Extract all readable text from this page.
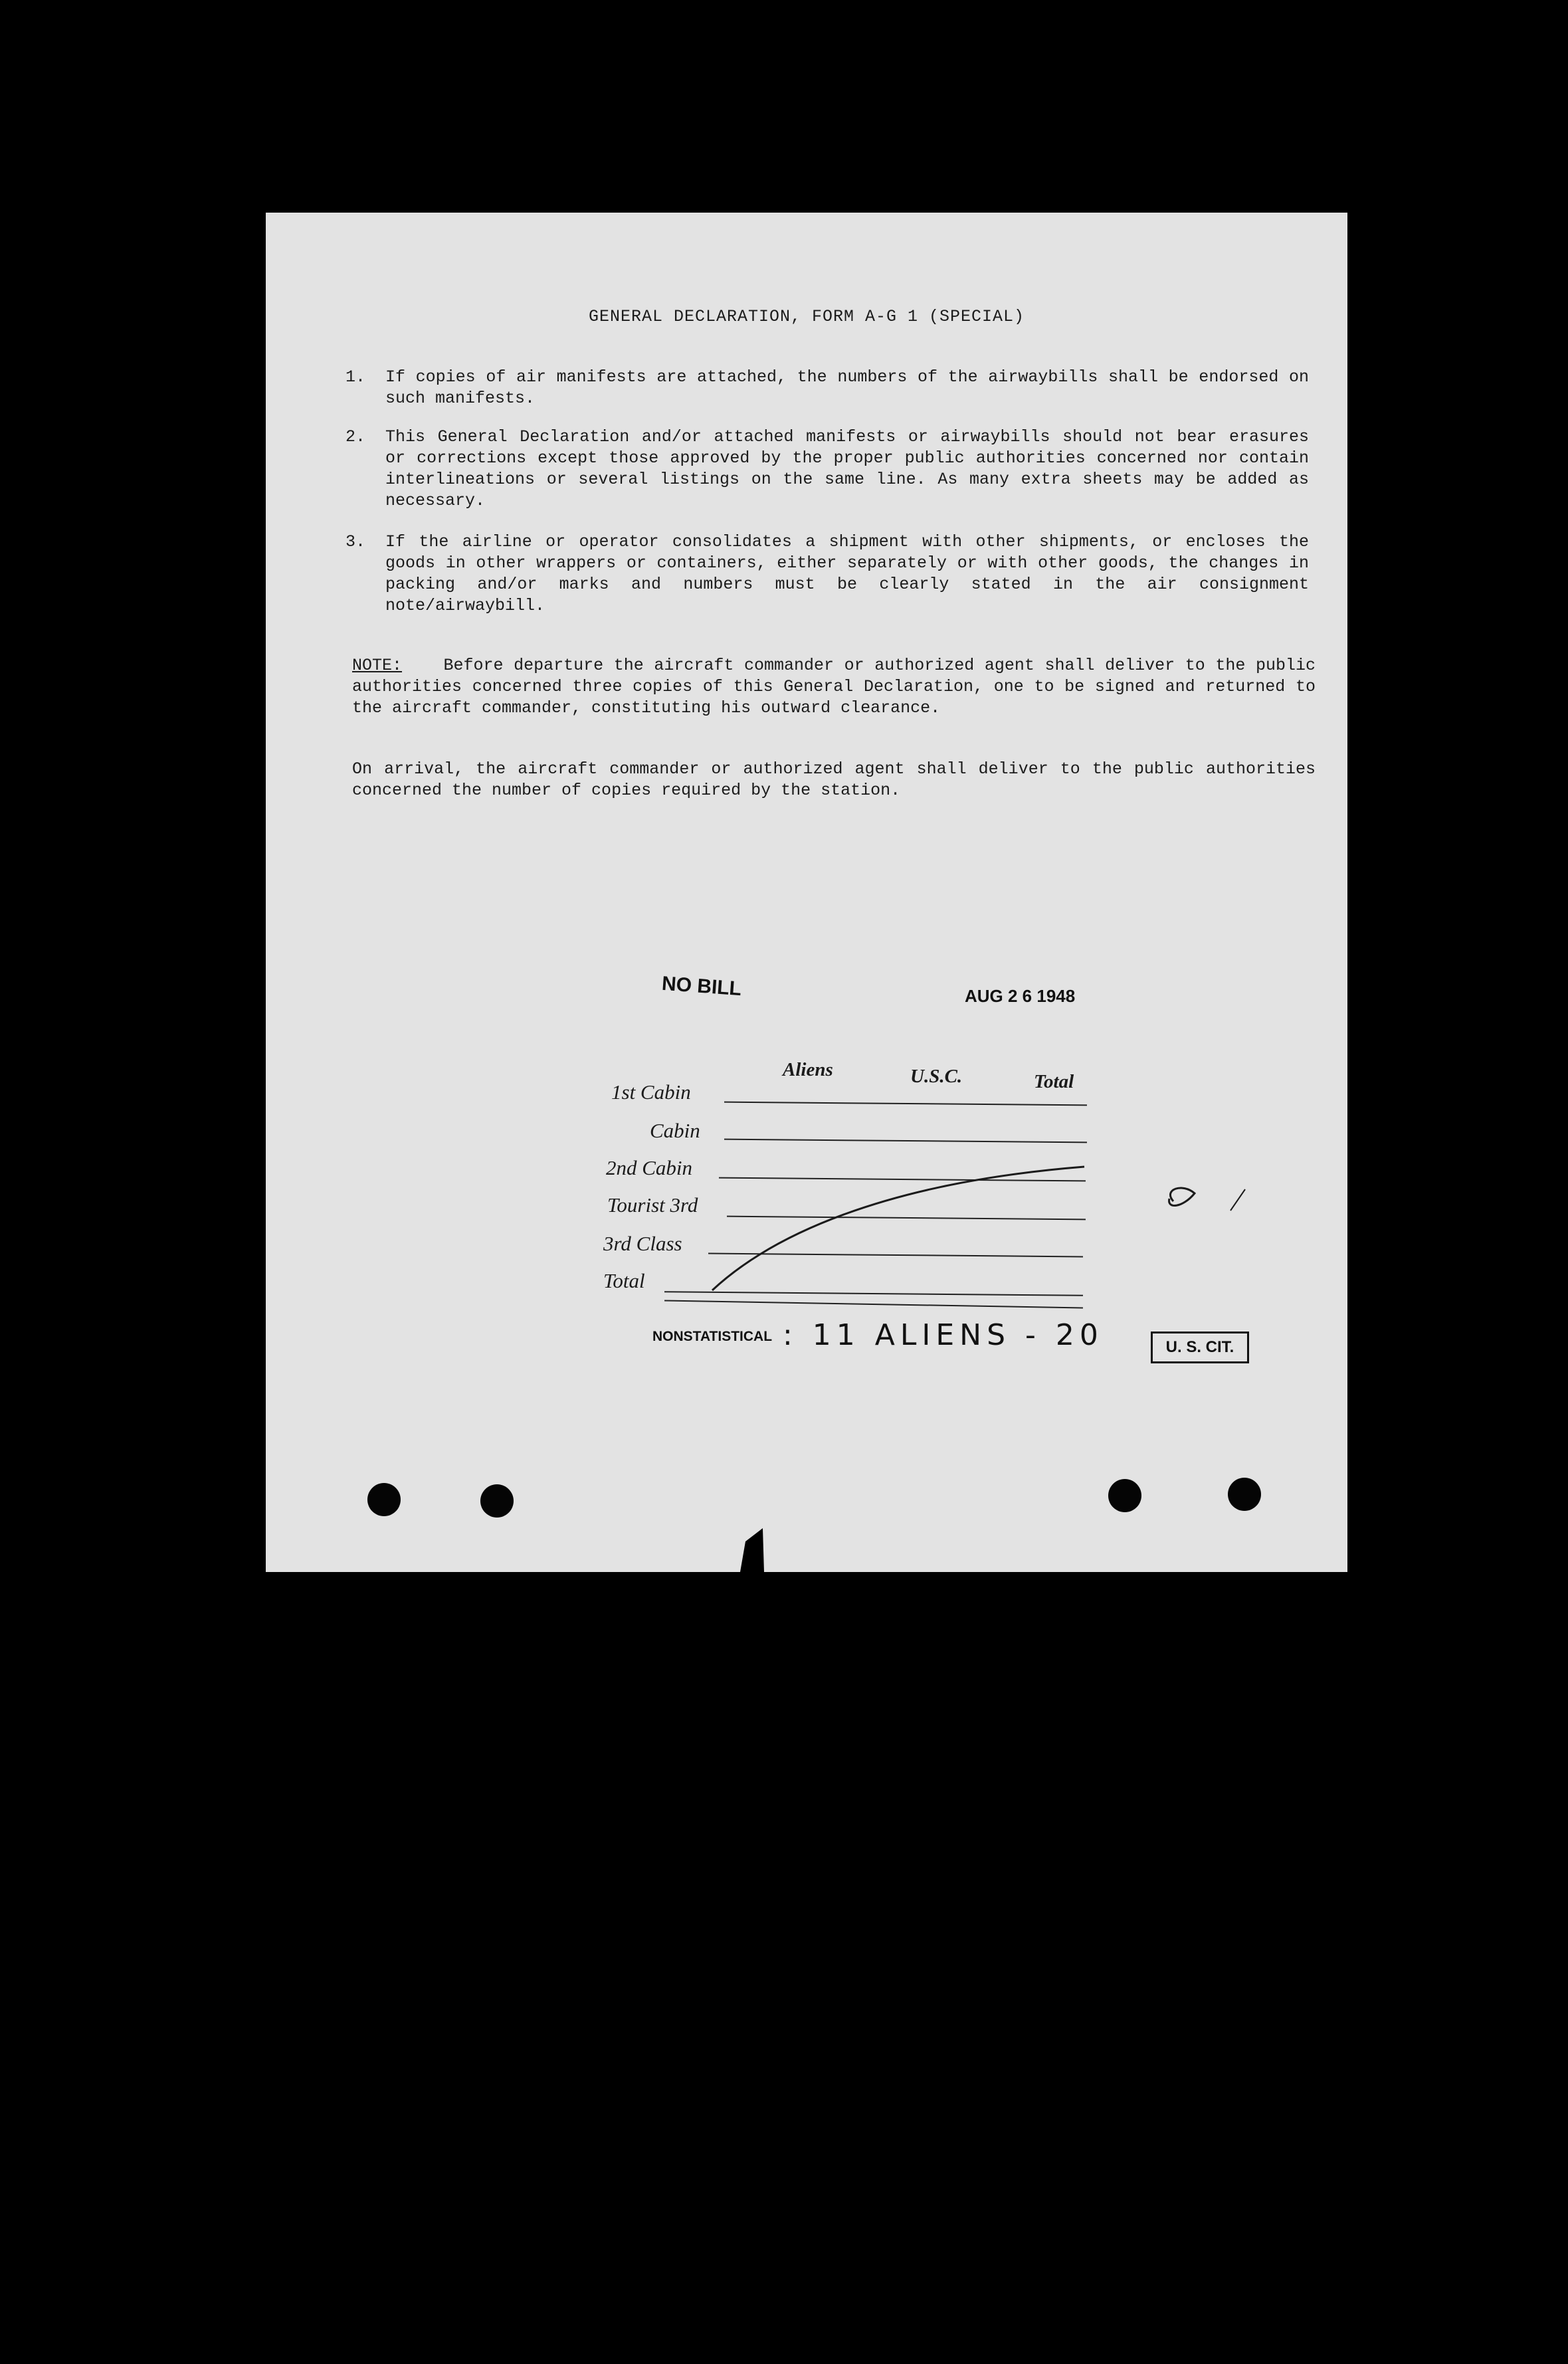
GENERAL DECLARATION, FORM A-G 1 (SPECIAL)
1. If copies of air manifests are attached, the numbers of the airwaybills shall be endorsed on such manifests.
2. This General Declaration and/or attached manifests or airwaybills should not bear erasures or corrections except those approved by the proper public authorities concerned nor contain interlineations or several listings on the same line. As many extra sheets may be added as necessary.
3. If the airline or operator consolidates a shipment with other shipments, or encloses the goods in other wrappers or containers, either separately or with other goods, the changes in packing and/or marks and numbers must be clearly stated in the air consignment note/airwaybill.
NOTE: Before departure the aircraft commander or authorized agent shall deliver to the public authorities concerned three copies of this General Declaration, one to be signed and returned to the aircraft commander, constituting his outward clearance.
On arrival, the aircraft commander or authorized agent shall deliver to the public authorities concerned the number of copies required by the station.
NO BILL	AUG 2 6 1948
Aliens	U.S.C.	Total
1st Cabin
Cabin
2nd Cabin
Tourist 3rd
3rd Class
Total
NONSTATISTICAL : 11 ALIENS - 20	U. S. CIT.
